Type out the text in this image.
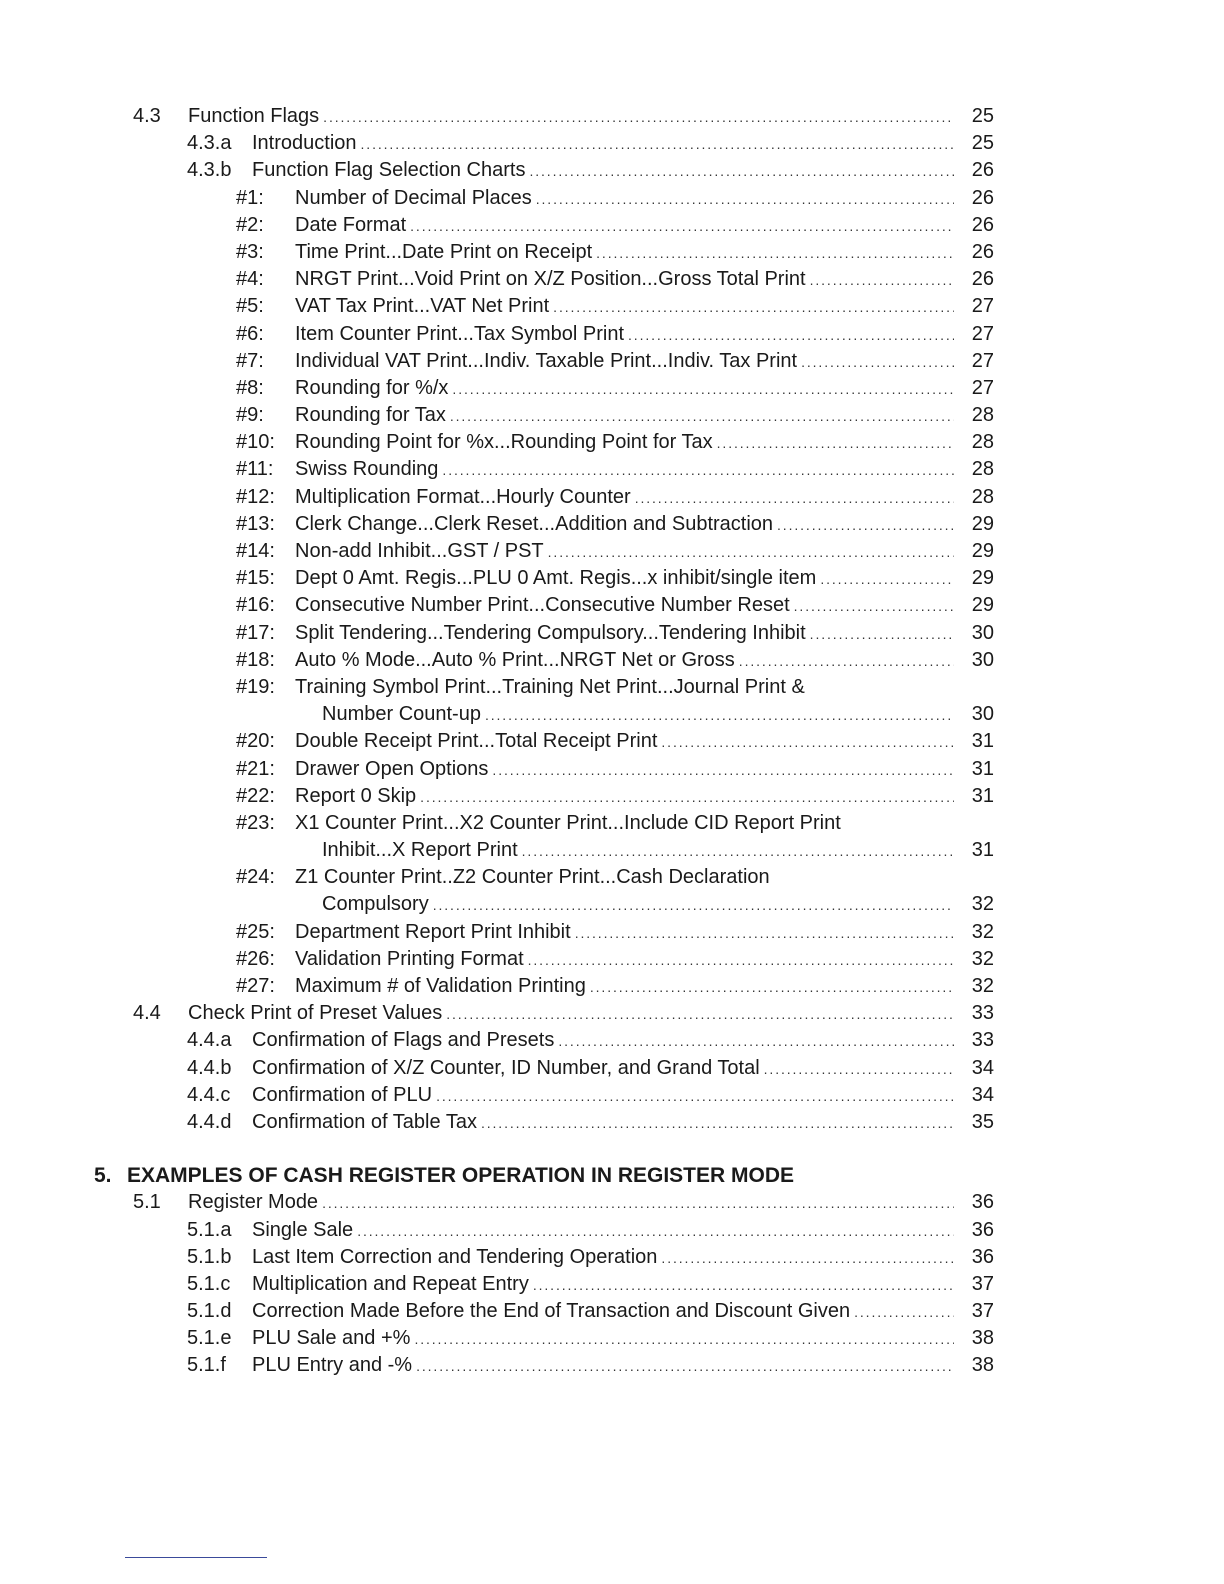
4.3 Function Flags . . .	25
4.3.a Introduction . . .	25
4.3.b Function Flag Selection Charts . . .	26
#1: Number of Decimal Places . . .	26
#2: Date Format . . .	26
#3: Time Print...Date Print on Receipt . . .	26
#4: NRGT Print...Void Print on X/Z Position...Gross Total Print . . .	26
#5: VAT Tax Print...VAT Net Print . . .	27
#6: Item Counter Print...Tax Symbol Print . . .	27
#7: Individual VAT Print...Indiv. Taxable Print...Indiv. Tax Print . . .	27
#8: Rounding for %/x . . .	27
#9: Rounding for Tax . . .	28
#10: Rounding Point for %x...Rounding Point for Tax . . .	28
#11: Swiss Rounding . . .	28
#12: Multiplication Format...Hourly Counter . . .	28
#13: Clerk Change...Clerk Reset...Addition and Subtraction . . .	29
#14: Non-add Inhibit...GST / PST . . .	29
#15: Dept 0 Amt. Regis...PLU 0 Amt. Regis...x inhibit/single item . . .	29
#16: Consecutive Number Print...Consecutive Number Reset . . .	29
#17: Split Tendering...Tendering Compulsory...Tendering Inhibit . . .	30
#18: Auto % Mode...Auto % Print...NRGT Net or Gross . . .	30
#19: Training Symbol Print...Training Net Print...Journal Print &
Number Count-up . . .	30
#20: Double Receipt Print...Total Receipt Print . . .	31
#21: Drawer Open Options . . .	31
#22: Report 0 Skip . . .	31
#23: X1 Counter Print...X2 Counter Print...Include CID Report Print
Inhibit...X Report Print . . .	31
#24: Z1 Counter Print..Z2 Counter Print...Cash Declaration
Compulsory . . .	32
#25: Department Report Print Inhibit . . .	32
#26: Validation Printing Format . . .	32
#27: Maximum # of Validation Printing . . .	32
4.4 Check Print of Preset Values . . .	33
4.4.a Confirmation of Flags and Presets . . .	33
4.4.b Confirmation of X/Z Counter, ID Number, and Grand Total . . .	34
4.4.c Confirmation of PLU . . .	34
4.4.d Confirmation of Table Tax . . .	35
5. EXAMPLES OF CASH REGISTER OPERATION IN REGISTER MODE
5.1 Register Mode . . .	36
5.1.a Single Sale . . .	36
5.1.b Last Item Correction and Tendering Operation . . .	36
5.1.c Multiplication and Repeat Entry . . .	37
5.1.d Correction Made Before the End of Transaction and Discount Given . . .	37
5.1.e PLU Sale and +% . . .	38
5.1.f PLU Entry and -% . . .	38
